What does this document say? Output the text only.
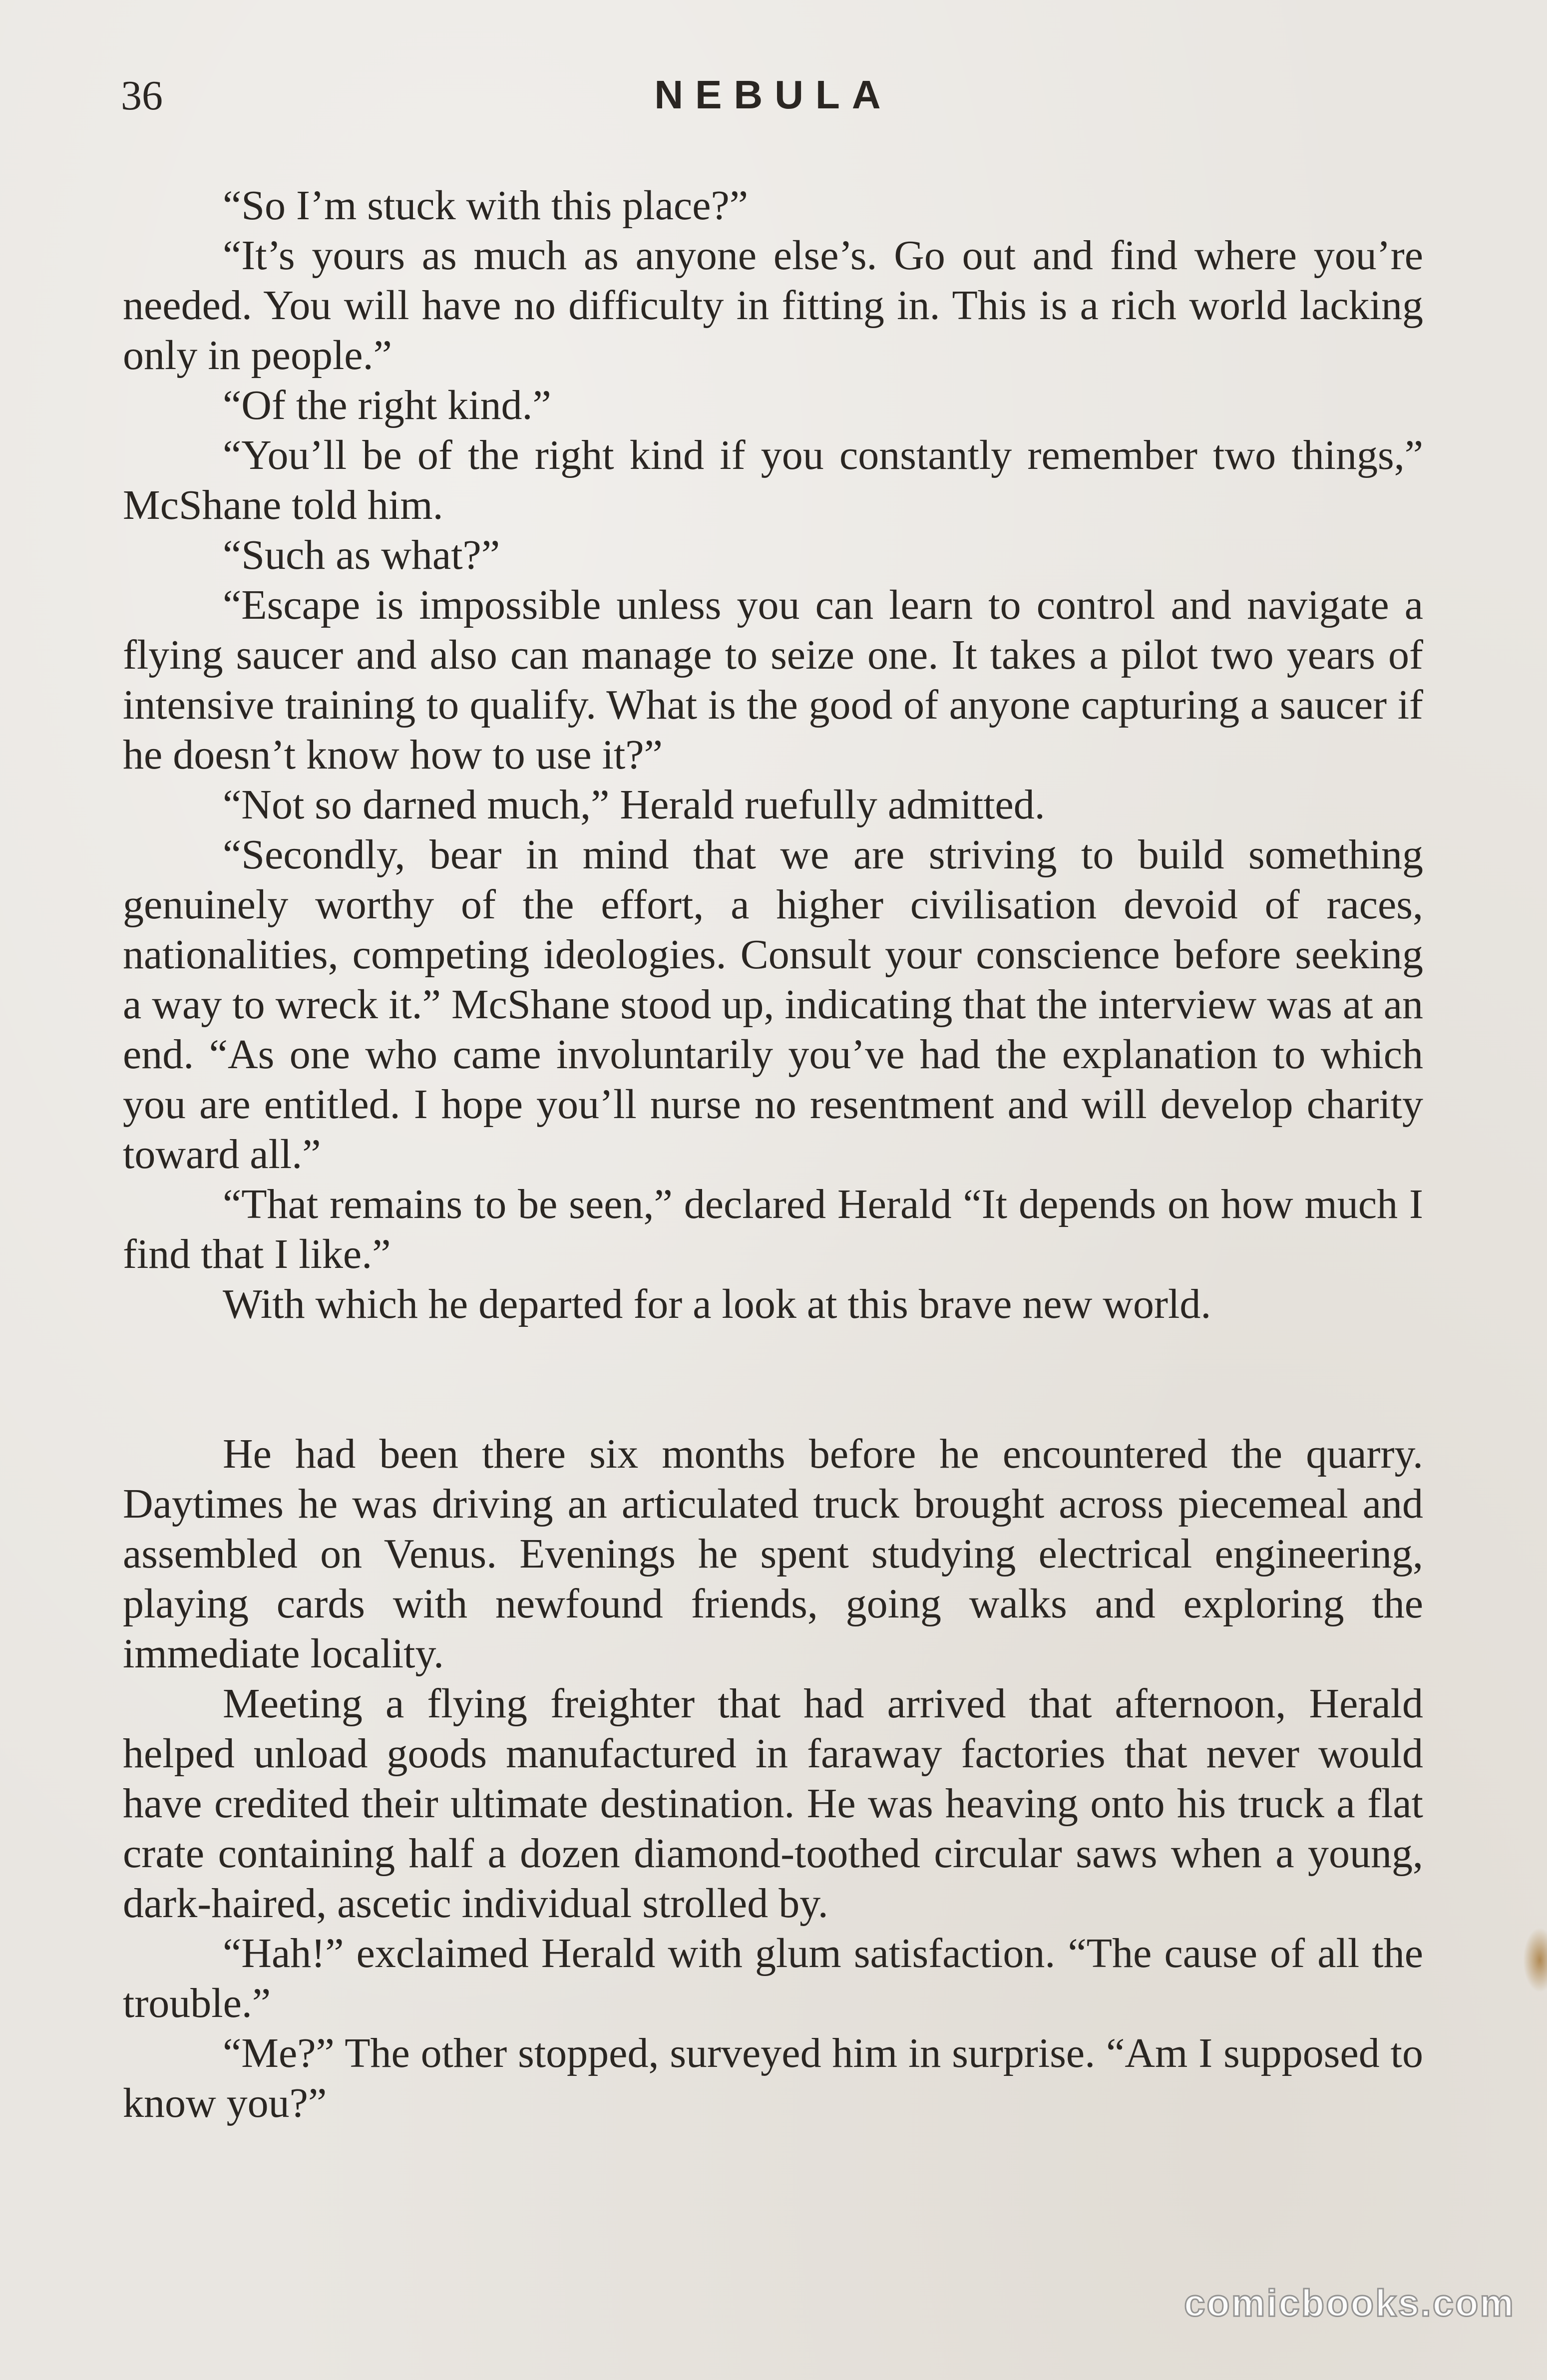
36	NEBULA

“So I’m stuck with this place?”

“It’s yours as much as anyone else’s. Go out and find where you’re needed. You will have no difficulty in fitting in. This is a rich world lacking only in people.”

“Of the right kind.”

“You’ll be of the right kind if you constantly remember two things,” McShane told him.

“Such as what?”

“Escape is impossible unless you can learn to control and navigate a flying saucer and also can manage to seize one. It takes a pilot two years of intensive training to qualify. What is the good of anyone capturing a saucer if he doesn’t know how to use it?”

“Not so darned much,” Herald ruefully admitted.

“Secondly, bear in mind that we are striving to build something genuinely worthy of the effort, a higher civilisation devoid of races, nationalities, competing ideologies. Consult your conscience before seeking a way to wreck it.” McShane stood up, indicating that the interview was at an end. “As one who came involuntarily you’ve had the explanation to which you are entitled. I hope you’ll nurse no resentment and will develop charity toward all.”

“That remains to be seen,” declared Herald “It depends on how much I find that I like.”

With which he departed for a look at this brave new world.

He had been there six months before he encountered the quarry. Daytimes he was driving an articulated truck brought across piecemeal and assembled on Venus. Evenings he spent studying electrical engineering, playing cards with newfound friends, going walks and exploring the immediate locality.

Meeting a flying freighter that had arrived that afternoon, Herald helped unload goods manufactured in faraway factories that never would have credited their ultimate destination. He was heaving onto his truck a flat crate containing half a dozen diamond-toothed circular saws when a young, dark-haired, ascetic individual strolled by.

“Hah!” exclaimed Herald with glum satisfaction. “The cause of all the trouble.”

“Me?” The other stopped, surveyed him in surprise. “Am I supposed to know you?”

comicbooks.com
